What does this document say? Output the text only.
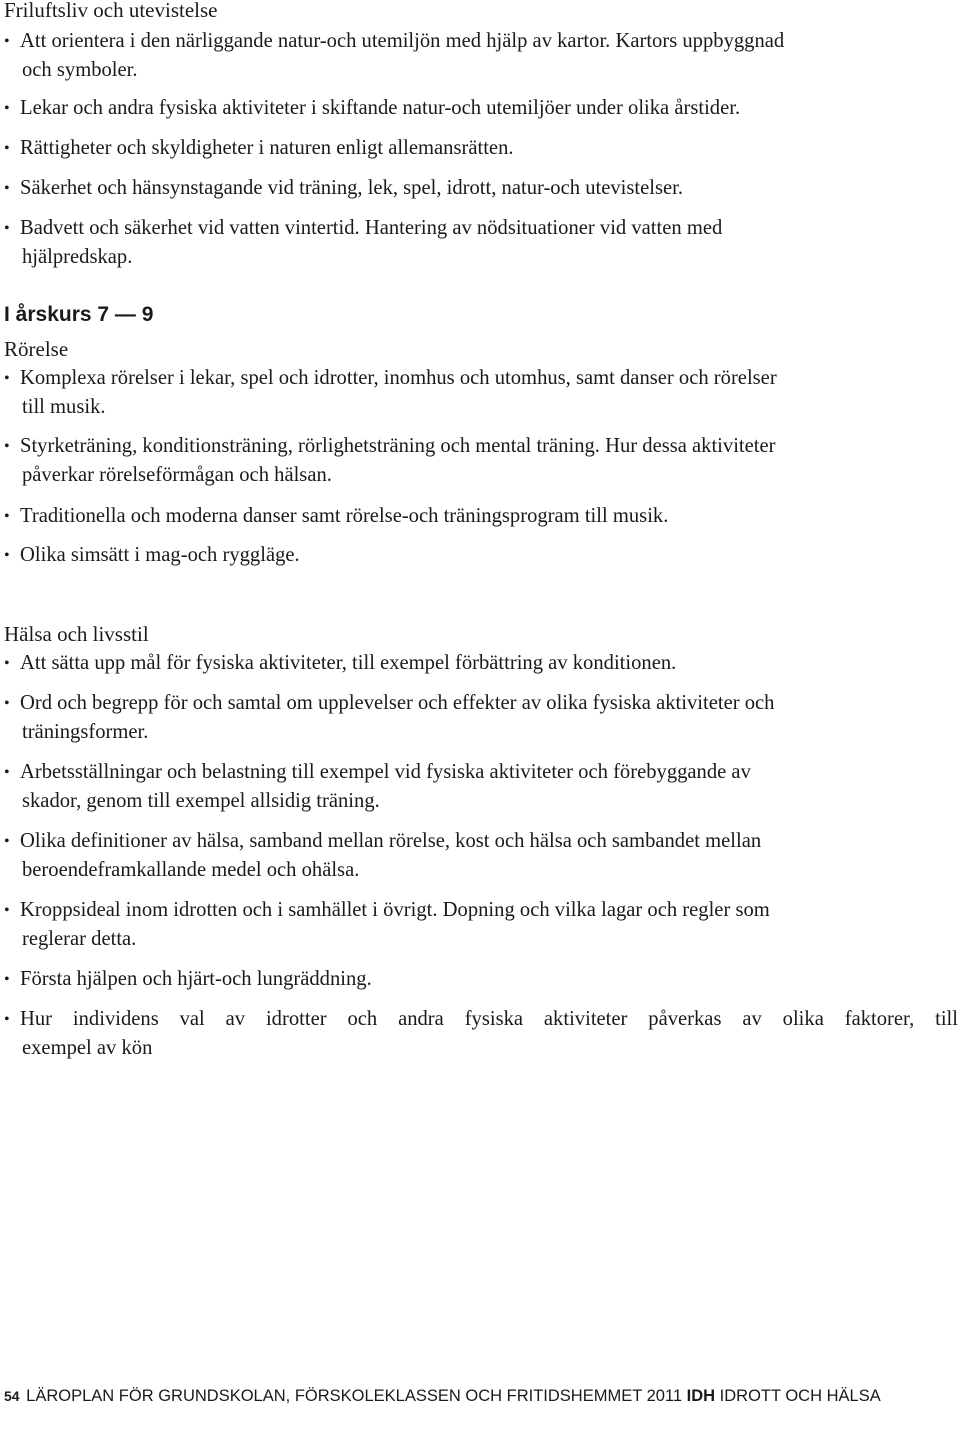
Friluftsliv och utevistelse
• Att orientera i den närliggande natur-och utemiljön med hjälp av kartor. Kartors uppbyggnad
och symboler.
• Lekar och andra fysiska aktiviteter i skiftande natur-och utemiljöer under olika årstider.
• Rättigheter och skyldigheter i naturen enligt allemansrätten.
• Säkerhet och hänsynstagande vid träning, lek, spel, idrott, natur-och utevistelser.
• Badvett och säkerhet vid vatten vintertid. Hantering av nödsituationer vid vatten med
hjälpredskap.
I årskurs 7 — 9
Rörelse
• Komplexa rörelser i lekar, spel och idrotter, inomhus och utomhus, samt danser och rörelser
till musik.
• Styrketräning, konditionsträning, rörlighetsträning och mental träning. Hur dessa aktiviteter
påverkar rörelseförmågan och hälsan.
• Traditionella och moderna danser samt rörelse-och träningsprogram till musik.
• Olika simsätt i mag-och ryggläge.
Hälsa och livsstil
• Att sätta upp mål för fysiska aktiviteter, till exempel förbättring av konditionen.
• Ord och begrepp för och samtal om upplevelser och effekter av olika fysiska aktiviteter och
träningsformer.
• Arbetsställningar och belastning till exempel vid fysiska aktiviteter och förebyggande av
skador, genom till exempel allsidig träning.
• Olika definitioner av hälsa, samband mellan rörelse, kost och hälsa och sambandet mellan
beroendeframkallande medel och ohälsa.
• Kroppsideal inom idrotten och i samhället i övrigt. Dopning och vilka lagar och regler som
reglerar detta.
• Första hjälpen och hjärt-och lungräddning.
• Hur individens val av idrotter och andra fysiska aktiviteter påverkas av olika faktorer, till
exempel av kön
54 LÄROPLAN FÖR GRUNDSKOLAN, FÖRSKOLEKLASSEN OCH FRITIDSHEMMET 2011 IDH IDROTT OCH HÄLSA
